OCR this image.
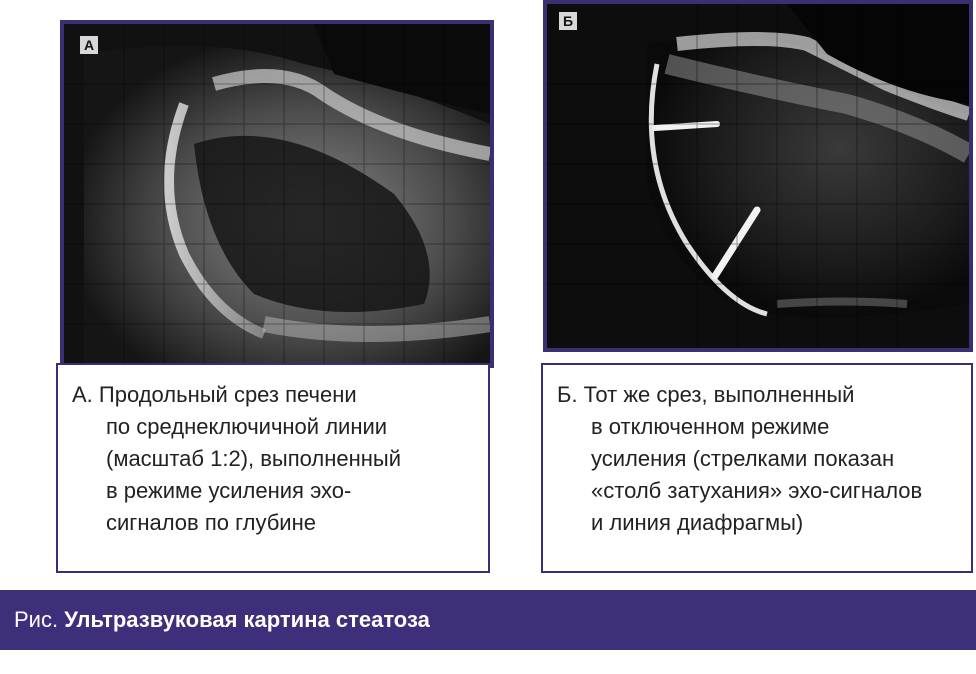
А
Б
А. Продольный срез печени
по среднеключичной линии
(масштаб 1:2), выполненный
в режиме усиления эхо-
сигналов по глубине
Б. Тот же срез, выполненный
в отключенном режиме
усиления (стрелками показан
«столб затухания» эхо-сигналов
и линия диафрагмы)
Рис. Ультразвуковая картина стеатоза
